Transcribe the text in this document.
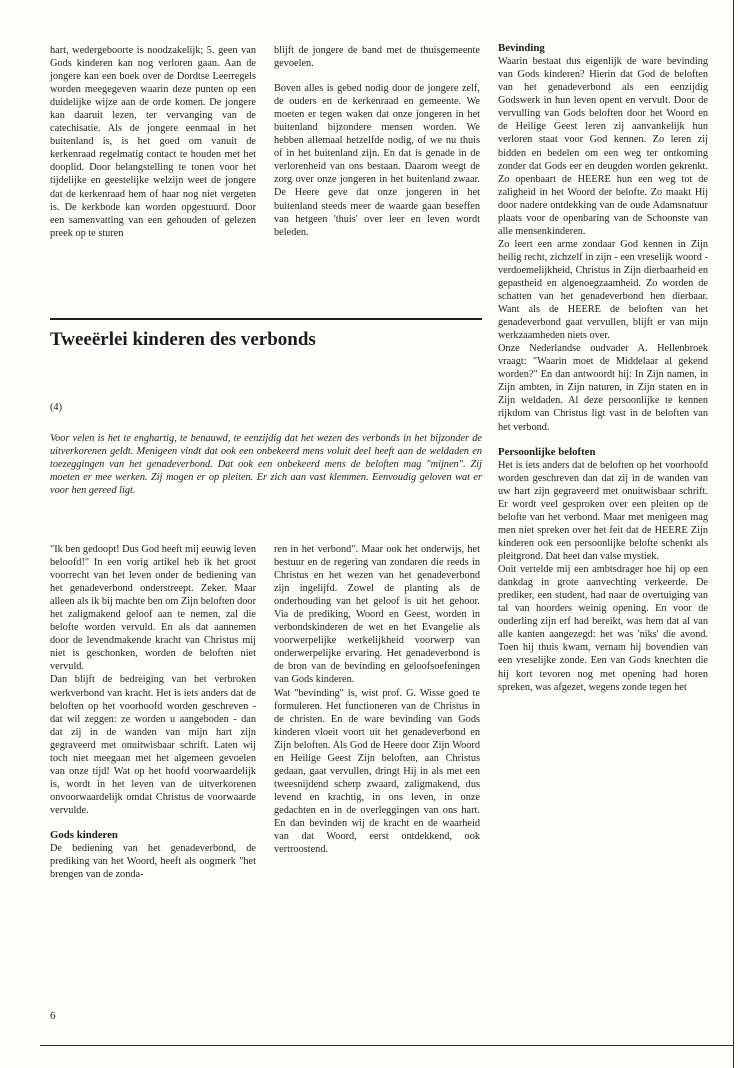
hart, wedergeboorte is noodzakelijk; 5. geen van Gods kinderen kan nog verloren gaan. Aan de jongere kan een boek over de Dordtse Leerregels worden meegegeven waarin deze punten op een duidelijke wijze aan de orde komen. De jongere kan daaruit lezen, ter vervanging van de catechisatie. Als de jongere eenmaal in het buitenland is, is het goed om vanuit de kerkenraad regelmatig contact te houden met het dooplid. Door belangstelling te tonen voor het tijdelijke en geestelijke welzijn weet de jongere dat de kerkenraad hem of haar nog niet vergeten is. De kerkbode kan worden opgestuurd. Door een samenvatting van een gehouden of gelezen preek op te sturen

blijft de jongere de band met de thuisgemeente gevoelen.

Boven alles is gebed nodig door de jongere zelf, de ouders en de kerkenraad en gemeente. We moeten er tegen waken dat onze jongeren in het buitenland bijzondere mensen worden. We hebben allemaal hetzelfde nodig, of we nu thuis of in het buitenland zijn. En dat is genade in de verlorenheid van ons bestaan. Daarom weegt de zorg over onze jongeren in het buitenland zwaar. De Heere geve dat onze jongeren in het buitenland steeds meer de waarde gaan beseffen van hetgeen 'thuis' over leer en leven wordt beleden.

Tweeërlei kinderen des verbonds
(4)

Voor velen is het te enghartig, te benauwd, te eenzijdig dat het wezen des verbonds in het bijzonder de uitverkorenen geldt. Menigeen vindt dat ook een onbekeerd mens voluit deel heeft aan de weldaden en toezeggingen van het genadeverbond. Dat ook een onbekeerd mens de beloften mag "mijnen". Zij moeten er mee werken. Zij mogen er op pleiten. Er zich aan vast klemmen. Eenvoudig geloven wat er voor hen gereed ligt.

"Ik ben gedoopt! Dus God heeft mij eeuwig leven beloofd!" In een vorig artikel heb ik het groot voorrecht van het leven onder de bediening van het genadeverbond onderstreept. Zeker. Maar alleen als ik bij machte ben om Zijn beloften door het zaligmakend geloof aan te nemen, zal die belofte worden vervuld. En als dat aannemen door de levendmakende kracht van Christus mij niet is geschonken, worden de beloften niet vervuld.

Dan blijft de bedreiging van het verbroken werkverbond van kracht. Het is iets anders dat de beloften op het voorhoofd worden geschreven - dat wil zeggen: ze worden u aangeboden - dan dat zij in de wanden van mijn hart zijn gegraveerd met onuitwisbaar schrift. Laten wij toch niet meegaan met het algemeen gevoelen van onze tijd! Wat op het hoofd voorwaardelijk is, wordt in het leven van de uitverkorenen onvoorwaardelijk omdat Christus de voorwaarde vervulde.

Gods kinderen

De bediening van het genadeverbond, de prediking van het Woord, heeft als oogmerk "het brengen van de zonda-

ren in het verbond". Maar ook het onderwijs, het bestuur en de regering van zondaren die reeds in Christus en het wezen van het genadeverbond zijn ingelijfd. Zowel de planting als de onderhouding van het geloof is uit het gehoor. Via de prediking, Woord en Geest, worden in verbondskinderen de wet en het Evangelie als voorwerpelijke werkelijkheid voorwerp van onderwerpelijke ervaring. Het genadeverbond is de bron van de bevinding en geloofsoefeningen van Gods kinderen.

Wat "bevinding" is, wist prof. G. Wisse goed te formuleren. Het functioneren van de Christus in de christen. En de ware bevinding van Gods kinderen vloeit voort uit het genadeverbond en Zijn beloften. Als God de Heere door Zijn Woord en Heilige Geest Zijn beloften, aan Christus gedaan, gaat vervullen, dringt Hij in als met een tweesnijdend scherp zwaard, zaligmakend, dus levend en krachtig, in ons leven, in onze gedachten en in de overleggingen van ons hart. En dan bevinden wij de kracht en de waarheid van dat Woord, eerst ontdekkend, ook vertroostend.

Bevinding

Waarin bestaat dus eigenlijk de ware bevinding van Gods kinderen? Hierin dat God de beloften van het genadeverbond als een eenzijdig Godswerk in hun leven opent en vervult. Door de vervulling van Gods beloften door het Woord en de Heilige Geest leren zij aanvankelijk hun verloren staat voor God kennen. Zo leren zij bidden en bedelen om een weg ter ontkoming zonder dat Gods eer en deugden worden gekrenkt. Zo openbaart de HEERE hun een weg tot de zaligheid in het Woord der belofte. Zo maakt Hij door nadere ontdekking van de oude Adamsnatuur plaats voor de openbaring van de Schoonste van alle mensenkinderen.

Zo leert een arme zondaar God kennen in Zijn heilig recht, zichzelf in zijn - een vreselijk woord - verdoemelijkheid, Christus in Zijn dierbaarheid en gepastheid en algenoegzaamheid. Zo worden de schatten van het genadeverbond hen dierbaar. Want als de HEERE de beloften van het genadeverbond gaat vervullen, blijft er van mijn werkzaamheden niets over.

Onze Nederlandse oudvader A. Hellenbroek vraagt: "Waarin moet de Middelaar al gekend worden?" En dan antwoordt hij: In Zijn namen, in Zijn ambten, in Zijn naturen, in Zijn staten en in Zijn weldaden. Al deze persoonlijke te kennen rijkdom van Christus ligt vast in de beloften van het verbond.

Persoonlijke beloften

Het is iets anders dat de beloften op het voorhoofd worden geschreven dan dat zij in de wanden van uw hart zijn gegraveerd met onuitwisbaar schrift. Er wordt veel gesproken over een pleiten op de belofte van het verbond. Maar met menigeen mag men niet spreken over het feit dat de HEERE Zijn kinderen ook een persoonlijke belofte schenkt als pleitgrond. Dat heet dan valse mystiek.

Ooit vertelde mij een ambtsdrager hoe hij op een dankdag in grote aanvechting verkeerde. De prediker, een student, had naar de overtuiging van tal van hoorders weinig opening. En voor de ouderling zijn erf had bereikt, was hem dat al van alle kanten aangezegd: het was 'niks' die avond. Toen hij thuis kwam, vernam hij bovendien van een vreselijke zonde. Een van Gods knechten die hij kort tevoren nog met opening had horen spreken, was afgezet, wegens zonde tegen het

6
